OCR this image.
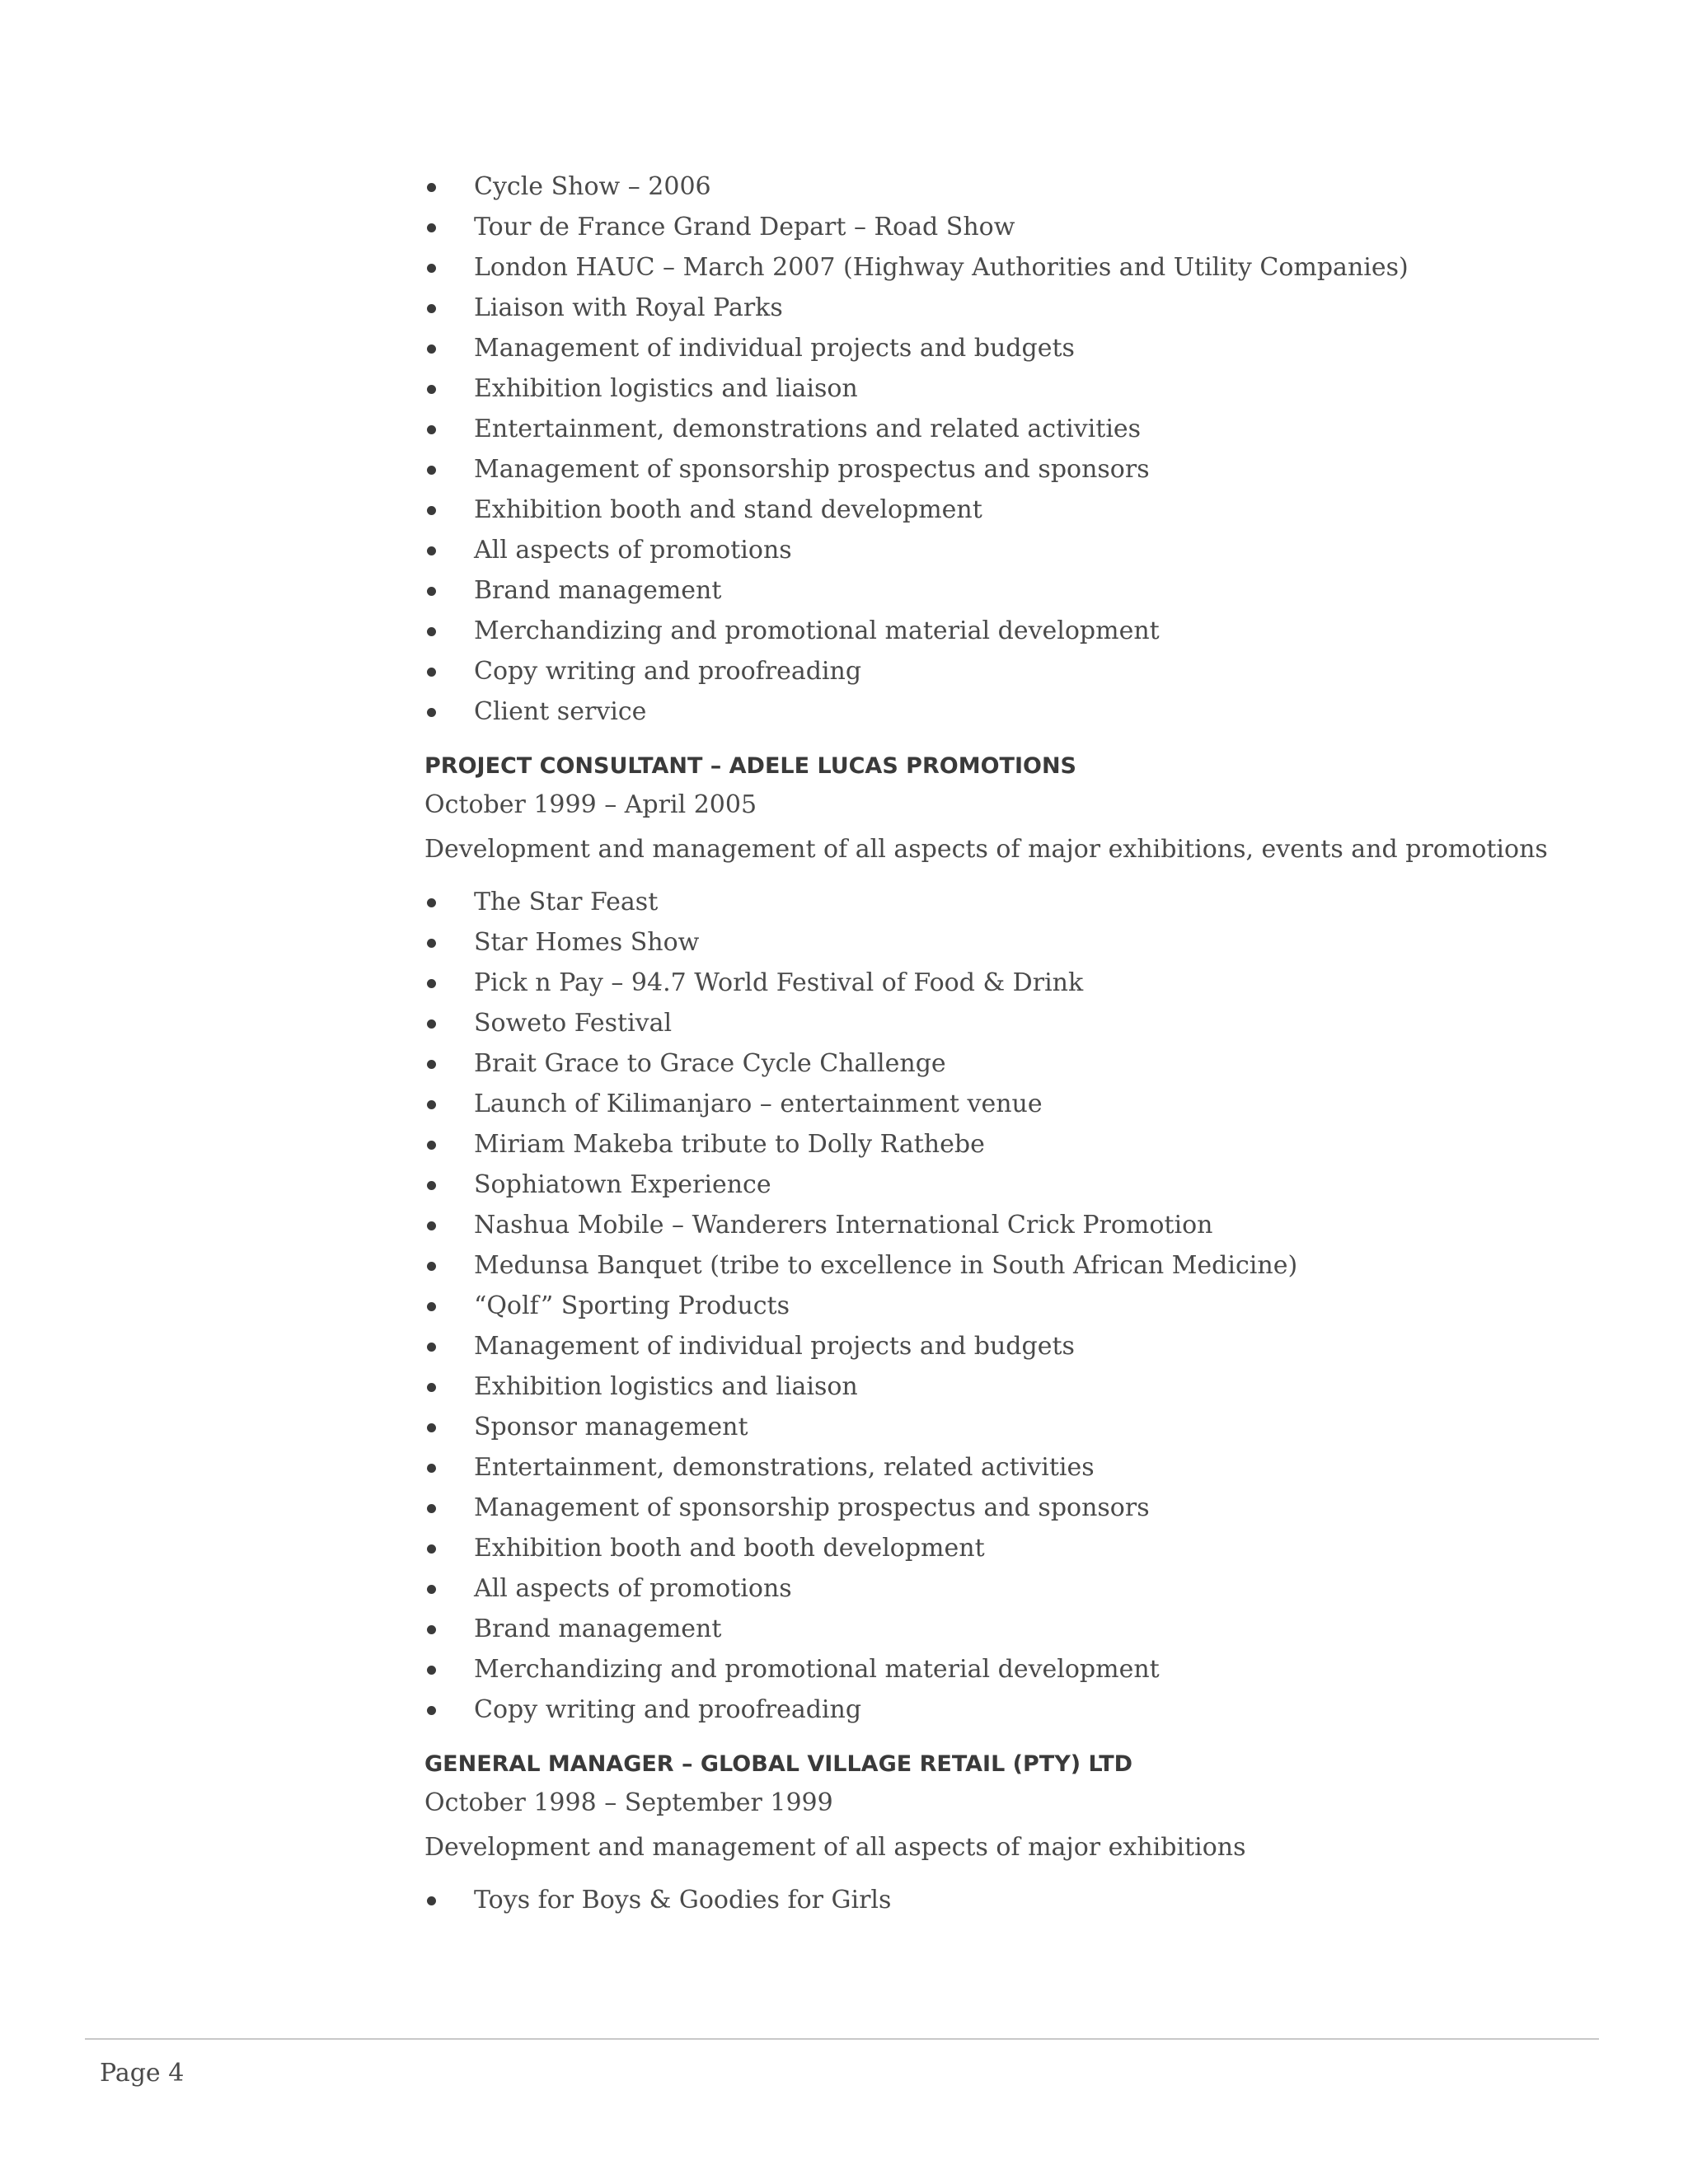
Cycle Show – 2006
Tour de France Grand Depart – Road Show
London HAUC – March 2007 (Highway Authorities and Utility Companies)
Liaison with Royal Parks
Management of individual projects and budgets
Exhibition logistics and liaison
Entertainment, demonstrations and related activities
Management of sponsorship prospectus and sponsors
Exhibition booth and stand development
All aspects of promotions
Brand management
Merchandizing and promotional material development
Copy writing and proofreading
Client service
PROJECT CONSULTANT – ADELE LUCAS PROMOTIONS

October 1999 – April 2005

Development and management of all aspects of major exhibitions, events and promotions

The Star Feast
Star Homes Show
Pick n Pay – 94.7 World Festival of Food & Drink
Soweto Festival
Brait Grace to Grace Cycle Challenge
Launch of Kilimanjaro – entertainment venue
Miriam Makeba tribute to Dolly Rathebe
Sophiatown Experience
Nashua Mobile – Wanderers International Crick Promotion
Medunsa Banquet (tribe to excellence in South African Medicine)
“Qolf” Sporting Products
Management of individual projects and budgets
Exhibition logistics and liaison
Sponsor management
Entertainment, demonstrations, related activities
Management of sponsorship prospectus and sponsors
Exhibition booth and booth development
All aspects of promotions
Brand management
Merchandizing and promotional material development
Copy writing and proofreading
GENERAL MANAGER – GLOBAL VILLAGE RETAIL (PTY) LTD

October 1998 – September 1999

Development and management of all aspects of major exhibitions

Toys for Boys & Goodies for Girls
Page 4
